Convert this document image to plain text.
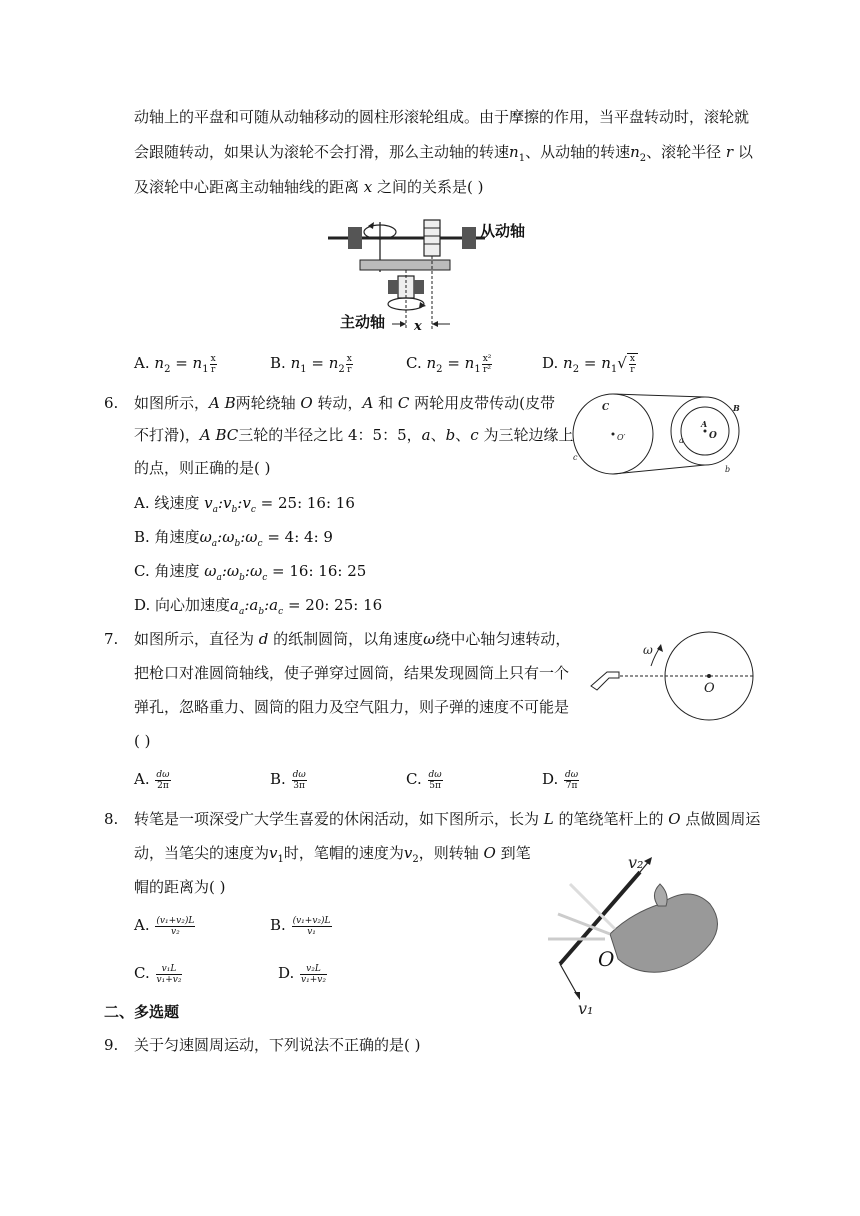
动轴上的平盘和可随从动轴移动的圆柱形滚轮组成。由于摩擦的作用，当平盘转动时，滚轮就
会跟随转动，如果认为滚轮不会打滑，那么主动轴的转速$n_1$、从动轴的转速$n_2$、滚轮半径 r 以
及滚轮中心距离主动轴轴线的距离 x 之间的关系是( )
从动轴
主动轴 x
A. $n_2 = n_1 \frac{x}{r}$	B. $n_1 = n_2 \frac{x}{r}$	C. $n_2 = n_1 \frac{\text{x²}}{\text{r²}}$	D. $n_2 = n_1√ \frac{x}{r}$
6. 如图所示，A B两轮绕轴 O 转动，A 和 C 两轮用皮带传动(皮带
不打滑)，A BC三轮的半径之比 4：5：5，a、b、c 为三轮边缘上
的点，则正确的是( )
C
O′
A
O
B
a
b
c
A. 线速度 $v_a:v_b:v_c = 25$: 16: 16
B. 角速度$\omega_a:\omega_b:\omega_c = 4$: 4: 9
C. 角速度 $\omega_a:\omega_b:\omega_c = 16$: 16: 25
D. 向心加速度$a_a:a_b:a_c = 20$: 25: 16
7. 如图所示，直径为 d 的纸制圆筒，以角速度ω绕中心轴匀速转动，
把枪口对准圆筒轴线，使子弹穿过圆筒，结果发现圆筒上只有一个
弹孔，忽略重力、圆筒的阻力及空气阻力，则子弹的速度不可能是
( )
ω
O
A. $\frac{d\omega}{2\pi}$	B. $\frac{d\omega}{3\pi}$	C. $\frac{d\omega}{5\pi}$	D. $\frac{d\omega}{7\pi}$
8. 转笔是一项深受广大学生喜爱的休闲活动，如下图所示，长为 L 的笔绕笔杆上的 O 点做圆周运
动，当笔尖的速度为$v_1$时，笔帽的速度为$v_2$，则转轴 O 到笔
帽的距离为( )
v₂
O
v₁
A. $\frac{\text{(v₁+v₂)L}}{\text{v₂}}$	B. $\frac{\text{(v₁+v₂)L}}{\text{v₁}}$
C. $\frac{\text{v₁L}}{\text{v₁+v₂}}$	D. $\frac{\text{v₂L}}{\text{v₁+v₂}}$
二、多选题
9. 关于匀速圆周运动，下列说法不正确的是( )
